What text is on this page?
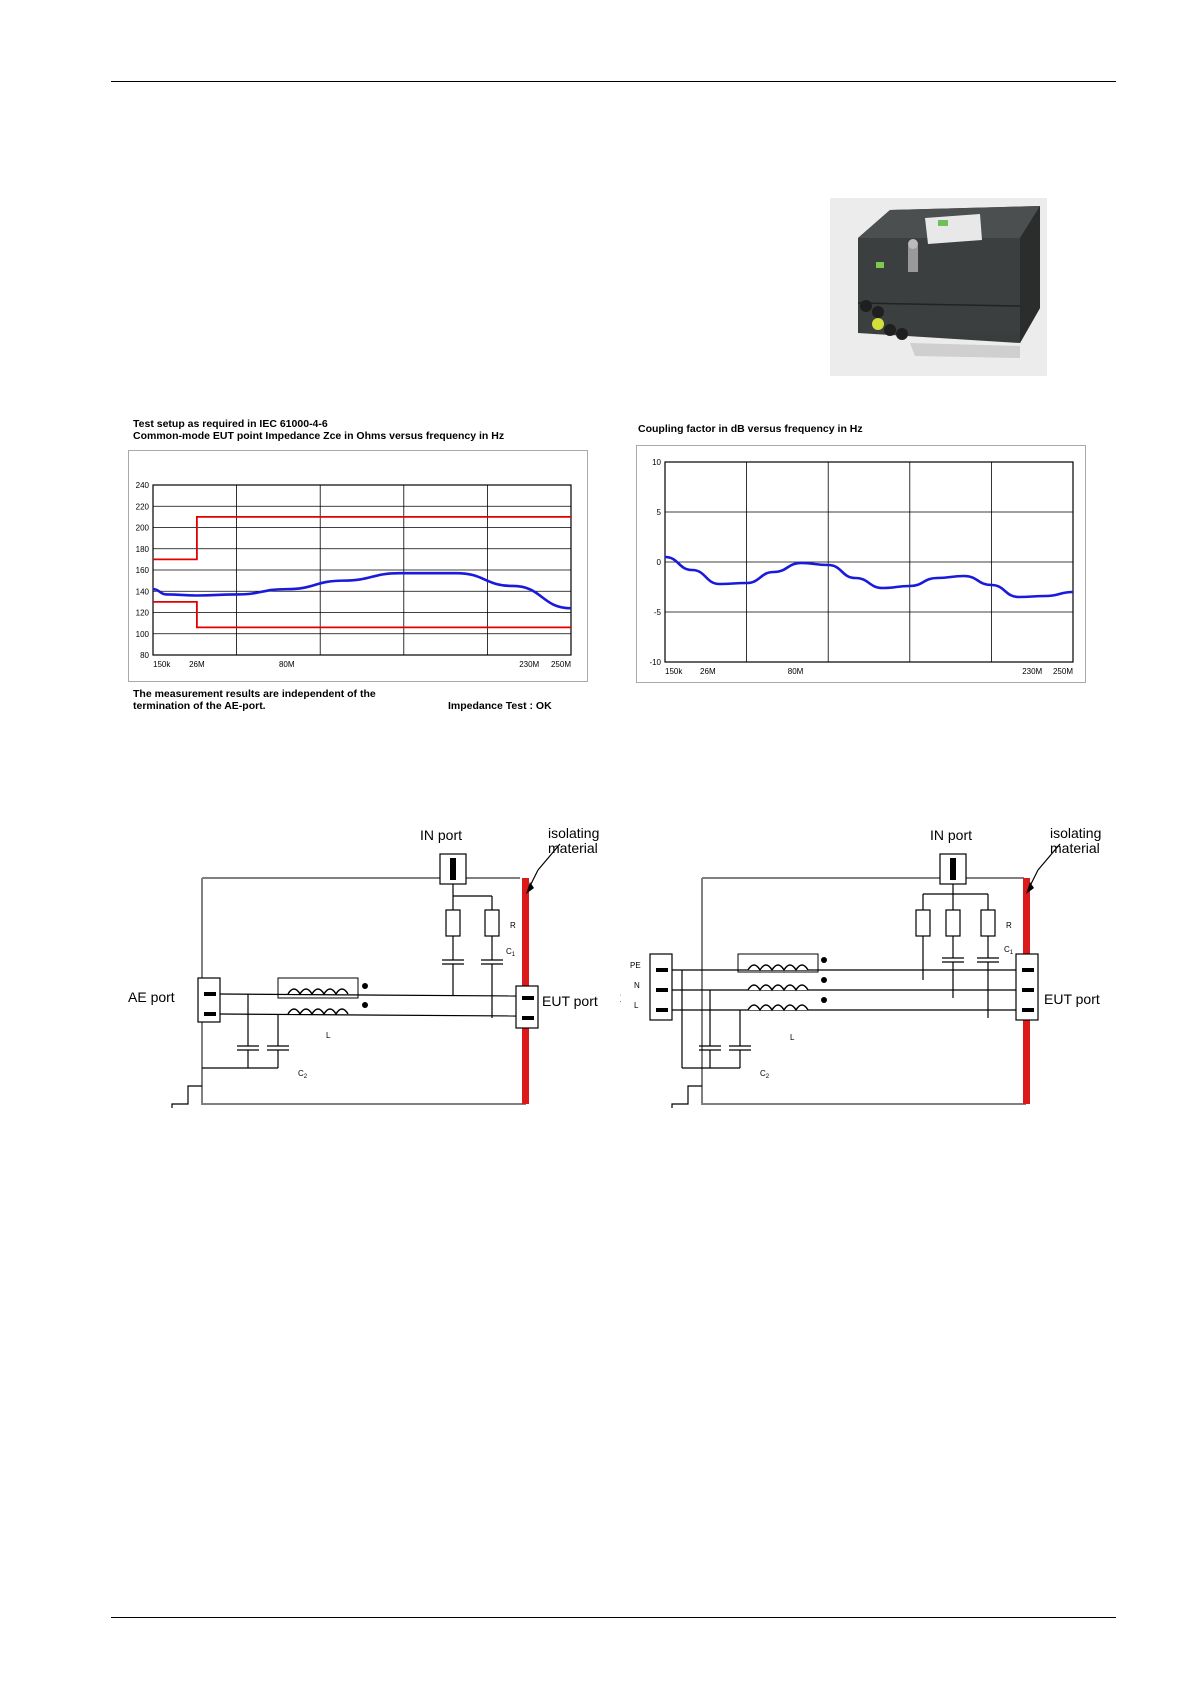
Test setup as required in IEC 61000-4-6
Common-mode EUT point Impedance Zce in Ohms versus frequency in Hz
240
220
200
180
160
140
120
100
80
150k 26M	80M	230M 250M
The measurement results are independent of the
termination of the AE-port.	Impedance Test : OK
Coupling factor in dB versus frequency in Hz
10
5
0
-5
-10
150k 26M	80M	230M 250M
isolating
material
IN port
R
$C_1$
AE port	EUT port
L
$C_2$
isolating
material
IN port
R
$C_1$
PE
N
L	EUT port
L
$C_2$
